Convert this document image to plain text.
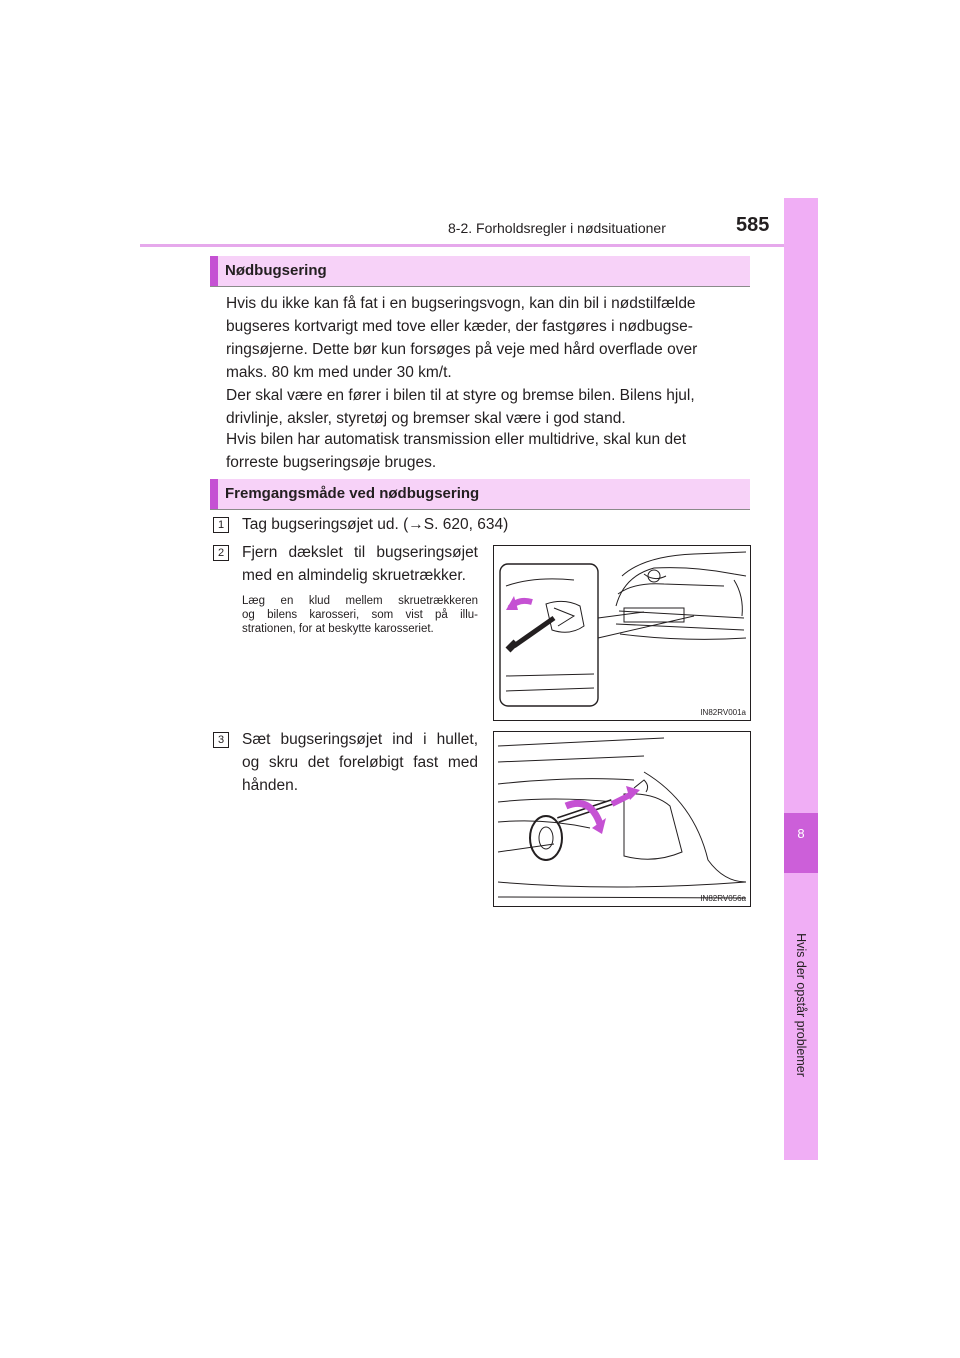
8-2. Forholdsregler i nødsituationer	585
8
Hvis der opstår problemer
Nødbugsering

Hvis du ikke kan få fat i en bugseringsvogn, kan din bil i nødstilfælde
bugseres kortvarigt med tove eller kæder, der fastgøres i nødbugse-
ringsøjerne. Dette bør kun forsøges på veje med hård overflade over
maks. 80 km med under 30 km/t.
Der skal være en fører i bilen til at styre og bremse bilen. Bilens hjul,
drivlinje, aksler, styretøj og bremser skal være i god stand.

Hvis bilen har automatisk transmission eller multidrive, skal kun det
forreste bugseringsøje bruges.

Fremgangsmåde ved nødbugsering
1	Tag bugseringsøjet ud. (→S. 620, 634)

2	Fjern dækslet til bugseringsøjet
med en almindelig skruetrækker.

Læg en klud mellem skruetrækkeren
og bilens karosseri, som vist på illu-
strationen, for at beskytte karosseriet.

3	Sæt bugseringsøjet ind i hullet,
og skru det foreløbigt fast med
hånden.

IN82RV001a
IN82RV056a
